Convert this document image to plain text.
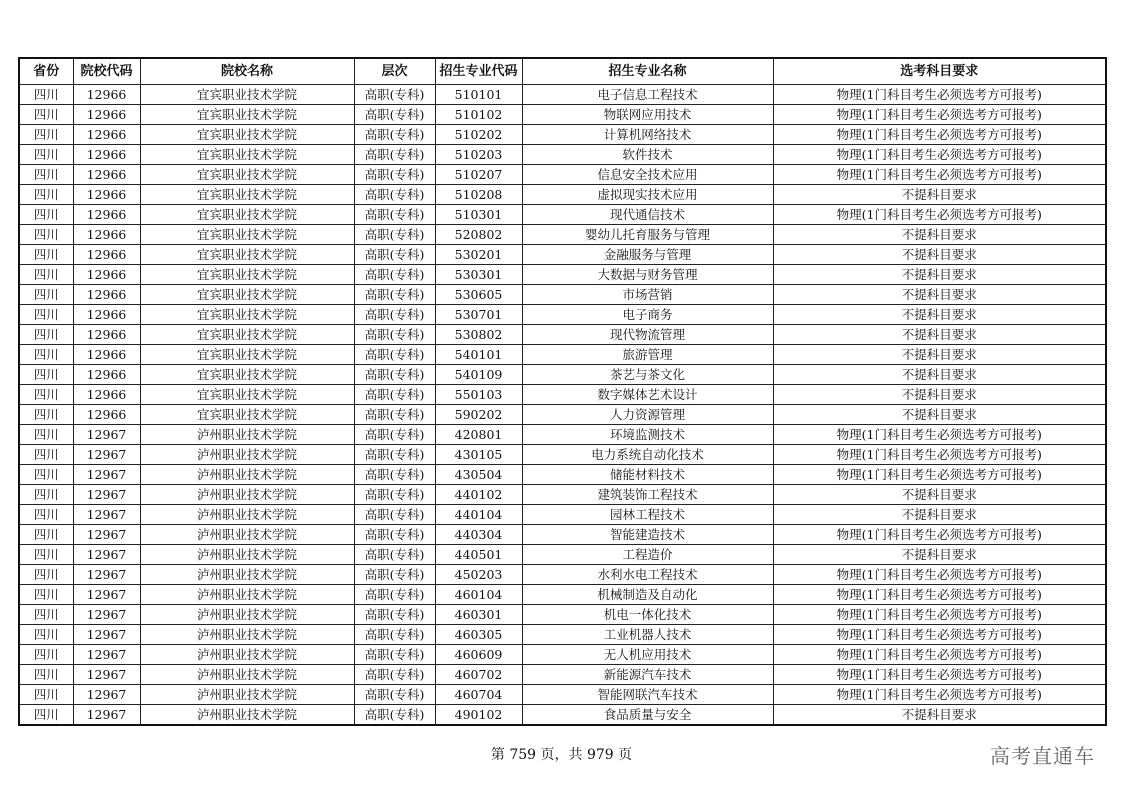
省份	院校代码	院校名称	层次	招生专业代码	招生专业名称	选考科目要求
四川	12966	宜宾职业技术学院	高职(专科)	510101	电子信息工程技术	物理(1门科目考生必须选考方可报考)
四川	12966	宜宾职业技术学院	高职(专科)	510102	物联网应用技术	物理(1门科目考生必须选考方可报考)
四川	12966	宜宾职业技术学院	高职(专科)	510202	计算机网络技术	物理(1门科目考生必须选考方可报考)
四川	12966	宜宾职业技术学院	高职(专科)	510203	软件技术	物理(1门科目考生必须选考方可报考)
四川	12966	宜宾职业技术学院	高职(专科)	510207	信息安全技术应用	物理(1门科目考生必须选考方可报考)
四川	12966	宜宾职业技术学院	高职(专科)	510208	虚拟现实技术应用	不提科目要求
四川	12966	宜宾职业技术学院	高职(专科)	510301	现代通信技术	物理(1门科目考生必须选考方可报考)
四川	12966	宜宾职业技术学院	高职(专科)	520802	婴幼儿托育服务与管理	不提科目要求
四川	12966	宜宾职业技术学院	高职(专科)	530201	金融服务与管理	不提科目要求
四川	12966	宜宾职业技术学院	高职(专科)	530301	大数据与财务管理	不提科目要求
四川	12966	宜宾职业技术学院	高职(专科)	530605	市场营销	不提科目要求
四川	12966	宜宾职业技术学院	高职(专科)	530701	电子商务	不提科目要求
四川	12966	宜宾职业技术学院	高职(专科)	530802	现代物流管理	不提科目要求
四川	12966	宜宾职业技术学院	高职(专科)	540101	旅游管理	不提科目要求
四川	12966	宜宾职业技术学院	高职(专科)	540109	茶艺与茶文化	不提科目要求
四川	12966	宜宾职业技术学院	高职(专科)	550103	数字媒体艺术设计	不提科目要求
四川	12966	宜宾职业技术学院	高职(专科)	590202	人力资源管理	不提科目要求
四川	12967	泸州职业技术学院	高职(专科)	420801	环境监测技术	物理(1门科目考生必须选考方可报考)
四川	12967	泸州职业技术学院	高职(专科)	430105	电力系统自动化技术	物理(1门科目考生必须选考方可报考)
四川	12967	泸州职业技术学院	高职(专科)	430504	储能材料技术	物理(1门科目考生必须选考方可报考)
四川	12967	泸州职业技术学院	高职(专科)	440102	建筑装饰工程技术	不提科目要求
四川	12967	泸州职业技术学院	高职(专科)	440104	园林工程技术	不提科目要求
四川	12967	泸州职业技术学院	高职(专科)	440304	智能建造技术	物理(1门科目考生必须选考方可报考)
四川	12967	泸州职业技术学院	高职(专科)	440501	工程造价	不提科目要求
四川	12967	泸州职业技术学院	高职(专科)	450203	水利水电工程技术	物理(1门科目考生必须选考方可报考)
四川	12967	泸州职业技术学院	高职(专科)	460104	机械制造及自动化	物理(1门科目考生必须选考方可报考)
四川	12967	泸州职业技术学院	高职(专科)	460301	机电一体化技术	物理(1门科目考生必须选考方可报考)
四川	12967	泸州职业技术学院	高职(专科)	460305	工业机器人技术	物理(1门科目考生必须选考方可报考)
四川	12967	泸州职业技术学院	高职(专科)	460609	无人机应用技术	物理(1门科目考生必须选考方可报考)
四川	12967	泸州职业技术学院	高职(专科)	460702	新能源汽车技术	物理(1门科目考生必须选考方可报考)
四川	12967	泸州职业技术学院	高职(专科)	460704	智能网联汽车技术	物理(1门科目考生必须选考方可报考)
四川	12967	泸州职业技术学院	高职(专科)	490102	食品质量与安全	不提科目要求
第 759 页，共 979 页	高考直通车
